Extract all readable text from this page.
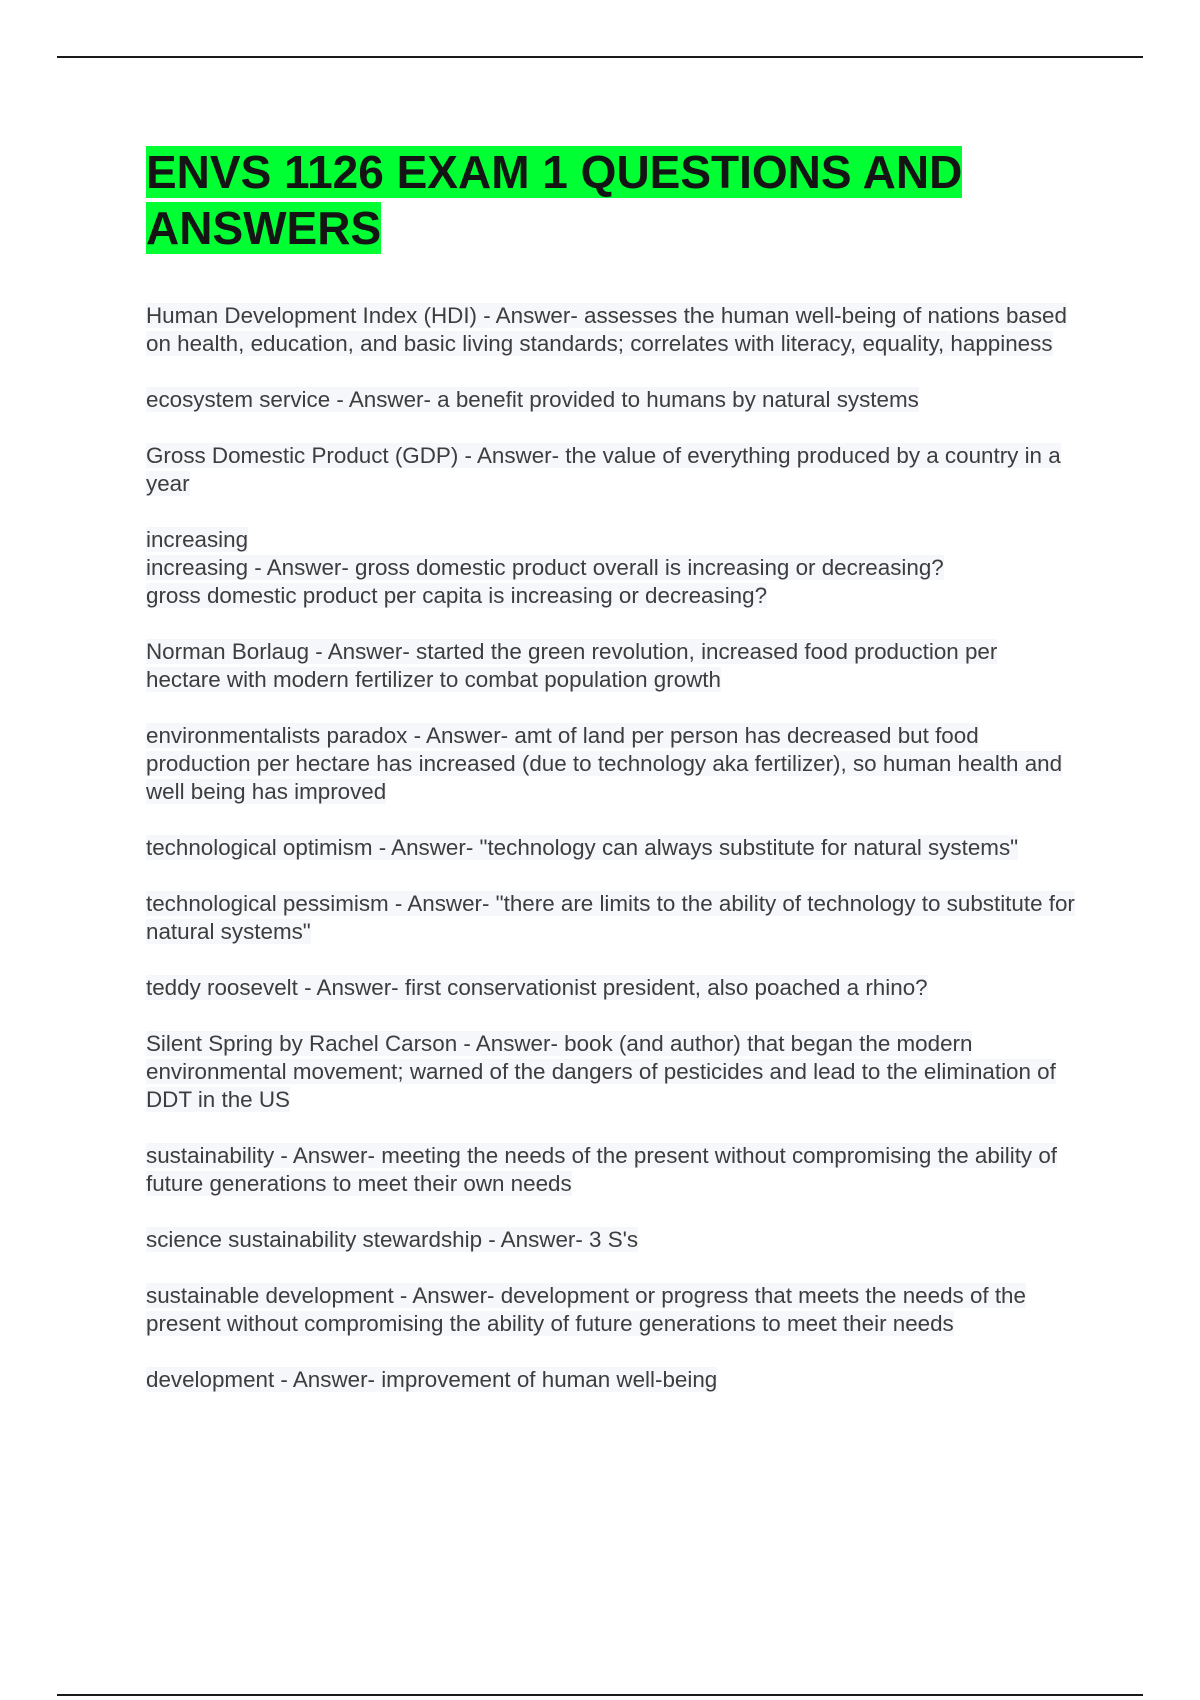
ENVS 1126 EXAM 1 QUESTIONS AND ANSWERS
Human Development Index (HDI) - Answer- assesses the human well-being of nations based on health, education, and basic living standards; correlates with literacy, equality, happiness
ecosystem service - Answer- a benefit provided to humans by natural systems
Gross Domestic Product (GDP) - Answer- the value of everything produced by a country in a year
increasing
increasing - Answer- gross domestic product overall is increasing or decreasing?
gross domestic product per capita is increasing or decreasing?
Norman Borlaug - Answer- started the green revolution, increased food production per hectare with modern fertilizer to combat population growth
environmentalists paradox - Answer- amt of land per person has decreased but food production per hectare has increased (due to technology aka fertilizer), so human health and well being has improved
technological optimism - Answer- "technology can always substitute for natural systems"
technological pessimism - Answer- "there are limits to the ability of technology to substitute for natural systems"
teddy roosevelt - Answer- first conservationist president, also poached a rhino?
Silent Spring by Rachel Carson - Answer- book (and author) that began the modern environmental movement; warned of the dangers of pesticides and lead to the elimination of DDT in the US
sustainability - Answer- meeting the needs of the present without compromising the ability of future generations to meet their own needs
science sustainability stewardship - Answer- 3 S's
sustainable development - Answer- development or progress that meets the needs of the present without compromising the ability of future generations to meet their needs
development - Answer- improvement of human well-being
